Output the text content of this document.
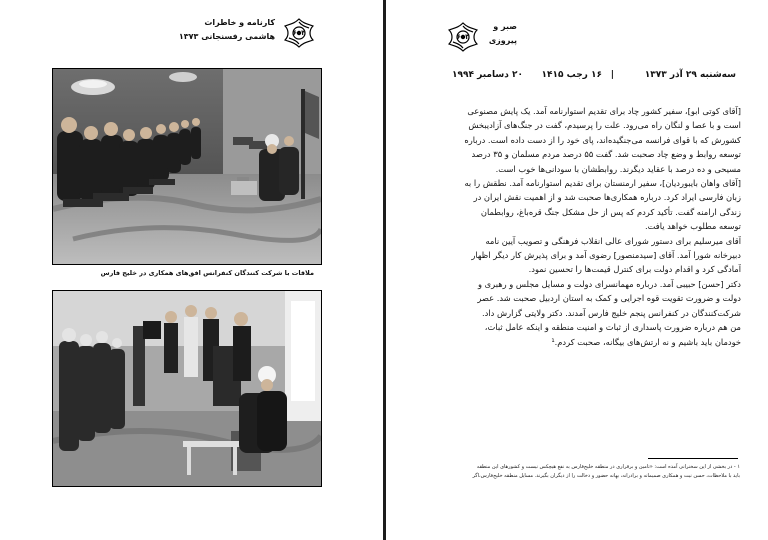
کارنامه و خاطرات
هاشمی رفسنجانی ۱۳۷۳	۶۰۴
ملاقات با شرکت کنندگان کنفرانس افق‌های همکاری در خلیج فارس
۶۰۳
صبر و
پیروزی
سه‌شنبه ۲۹ آذر ۱۳۷۳
|
۱۶ رجب ۱۴۱۵
۲۰ دسامبر ۱۹۹۴

[آقای کوتی ابو]، سفیر کشور چاد برای تقدیم استوارنامه آمد. یک پایش مصنوعی
است و با عصا و لنگان راه می‌رود. علت را پرسیدم، گفت در جنگ‌های آزادیبخش
کشورش که با قوای فرانسه می‌جنگیده‌اند، پای خود را از دست داده است. درباره
توسعه روابط و وضع چاد صحبت شد. گفت ۵۵ درصد مردم مسلمان و ۳۵ درصد
مسیحی و ده درصد با عقاید دیگرند. روابطشان با سودانی‌ها خوب است.

[آقای واهان بایبوردیان]، سفیر ارمنستان برای تقدیم استوارنامه آمد. نطقش را به
زبان فارسی ایراد کرد. درباره همکاری‌ها صحبت شد و از اهمیت نقش ایران در
زندگی ارامنه گفت. تأکید کردم که پس از حل مشکل جنگ قره‌باغ، روابطمان
توسعه مطلوب خواهد یافت.

آقای میرسلیم برای دستور شورای عالی انقلاب فرهنگی و تصویب آیین نامه
دبیرخانه شورا آمد. آقای [سیدمنصور] رضوی آمد و برای پذیرش کار دیگر اظهار
آمادگی کرد و اقدام دولت برای کنترل قیمت‌ها را تحسین نمود.

دکتر [حسن] حبیبی آمد. درباره مهمانسرای دولت و مسایل مجلس و رهبری و
دولت و ضرورت تقویت قوه اجرایی و کمک به استان اردبیل صحبت شد. عصر
شرکت‌کنندگان در کنفرانس پنجم خلیج فارس آمدند. دکتر ولایتی گزارش داد.
من هم درباره ضرورت پاسداری از ثبات و امنیت منطقه و اینکه عامل ثبات،
خودمان باید باشیم و نه ارتش‌های بیگانه، صحبت کردم.¹

۱ - در بخشی از این سخنرانی آمده است: «تامین و برقراری در منطقه خلیج‌فارس به نفع هیچکس نیست و کشورهای این منطقه
باید با ملاحظات، حسن نیت و همکاری صمیمانه و برادرانه، بهانه حضور و دخالت را از دیگران بگیرند. مسایل منطقه خلیج‌فارس،اگر
